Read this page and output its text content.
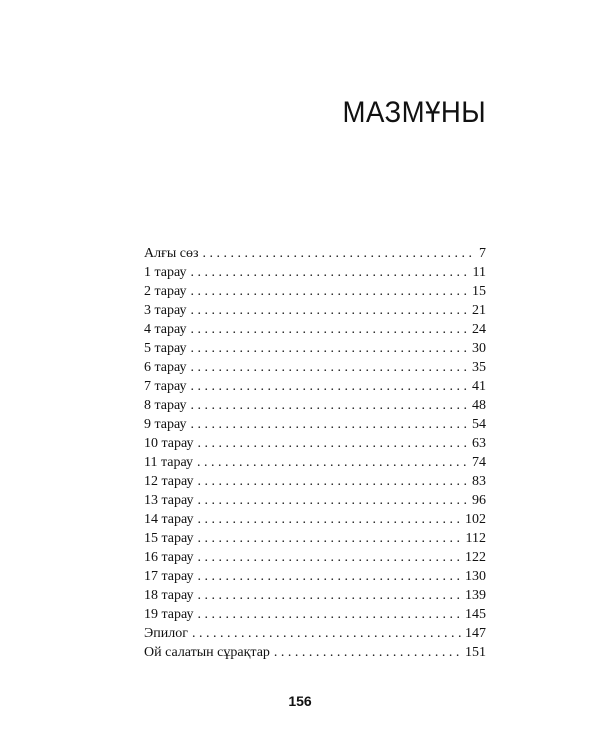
МАЗМҰНЫ
Алғы сөз . . .	7
1 тарау . . .	11
2 тарау . . .	15
3 тарау . . .	21
4 тарау . . .	24
5 тарау . . .	30
6 тарау . . .	35
7 тарау . . .	41
8 тарау . . .	48
9 тарау . . .	54
10 тарау . . .	63
11 тарау . . .	74
12 тарау . . .	83
13 тарау . . .	96
14 тарау . . .	102
15 тарау . . .	112
16 тарау . . .	122
17 тарау . . .	130
18 тарау . . .	139
19 тарау . . .	145
Эпилог . . .	147
Ой салатын сұрақтар . . .	151
156
